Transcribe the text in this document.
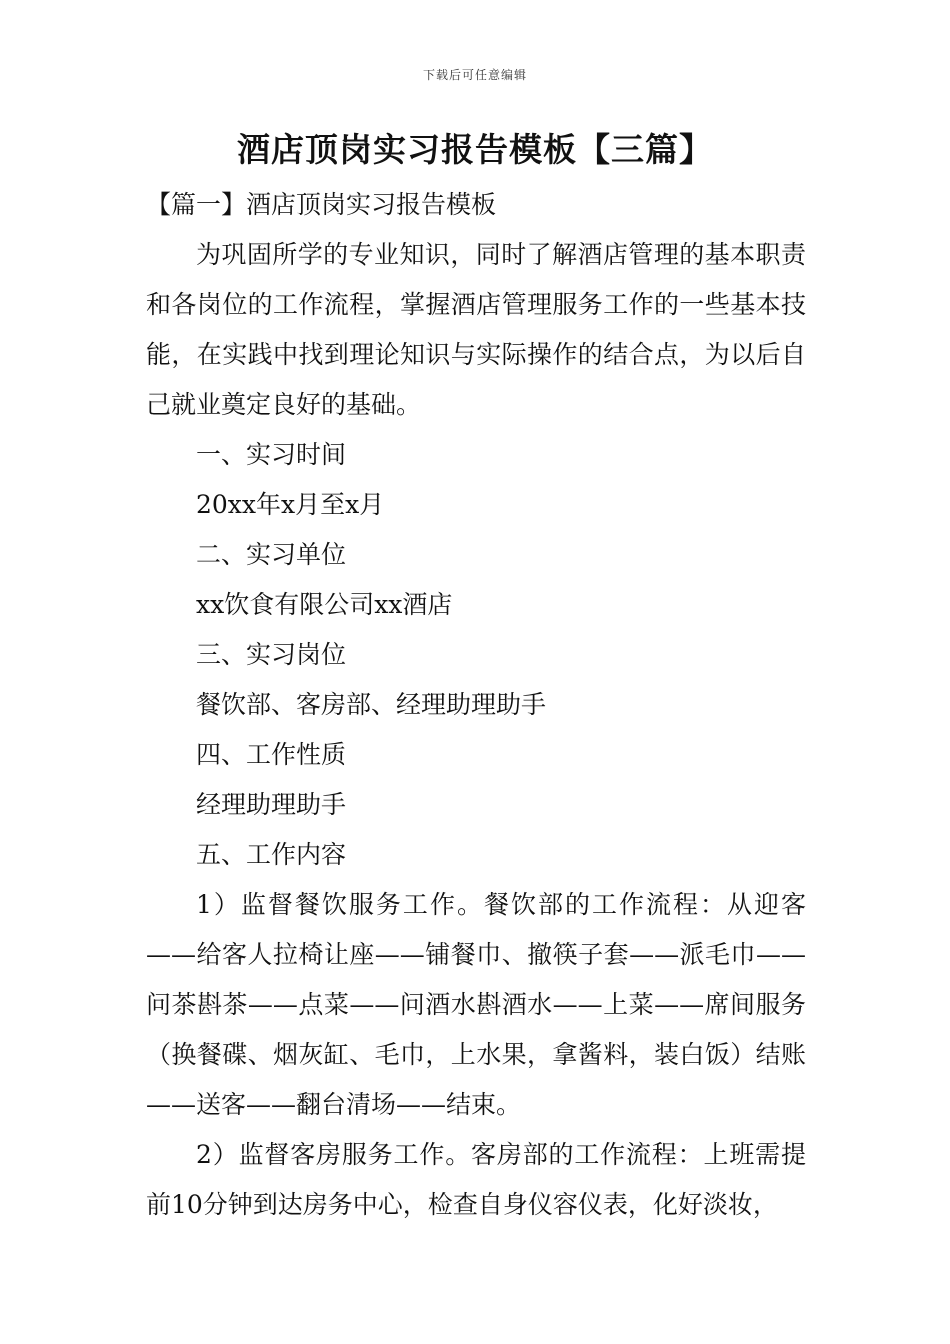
下载后可任意编辑
酒店顶岗实习报告模板【三篇】

【篇一】酒店顶岗实习报告模板

为巩固所学的专业知识，同时了解酒店管理的基本职责和各岗位的工作流程，掌握酒店管理服务工作的一些基本技能，在实践中找到理论知识与实际操作的结合点，为以后自己就业奠定良好的基础。

一、实习时间

20xx年x月至x月

二、实习单位

xx饮食有限公司xx酒店

三、实习岗位

餐饮部、客房部、经理助理助手

四、工作性质

经理助理助手

五、工作内容

1）监督餐饮服务工作。餐饮部的工作流程：从迎客——给客人拉椅让座——铺餐巾、撤筷子套——派毛巾——问茶斟茶——点菜——问酒水斟酒水——上菜——席间服务（换餐碟、烟灰缸、毛巾，上水果，拿酱料，装白饭）结账——送客——翻台清场——结束。

2）监督客房服务工作。客房部的工作流程：上班需提前10分钟到达房务中心，检查自身仪容仪表，化好淡妆，
